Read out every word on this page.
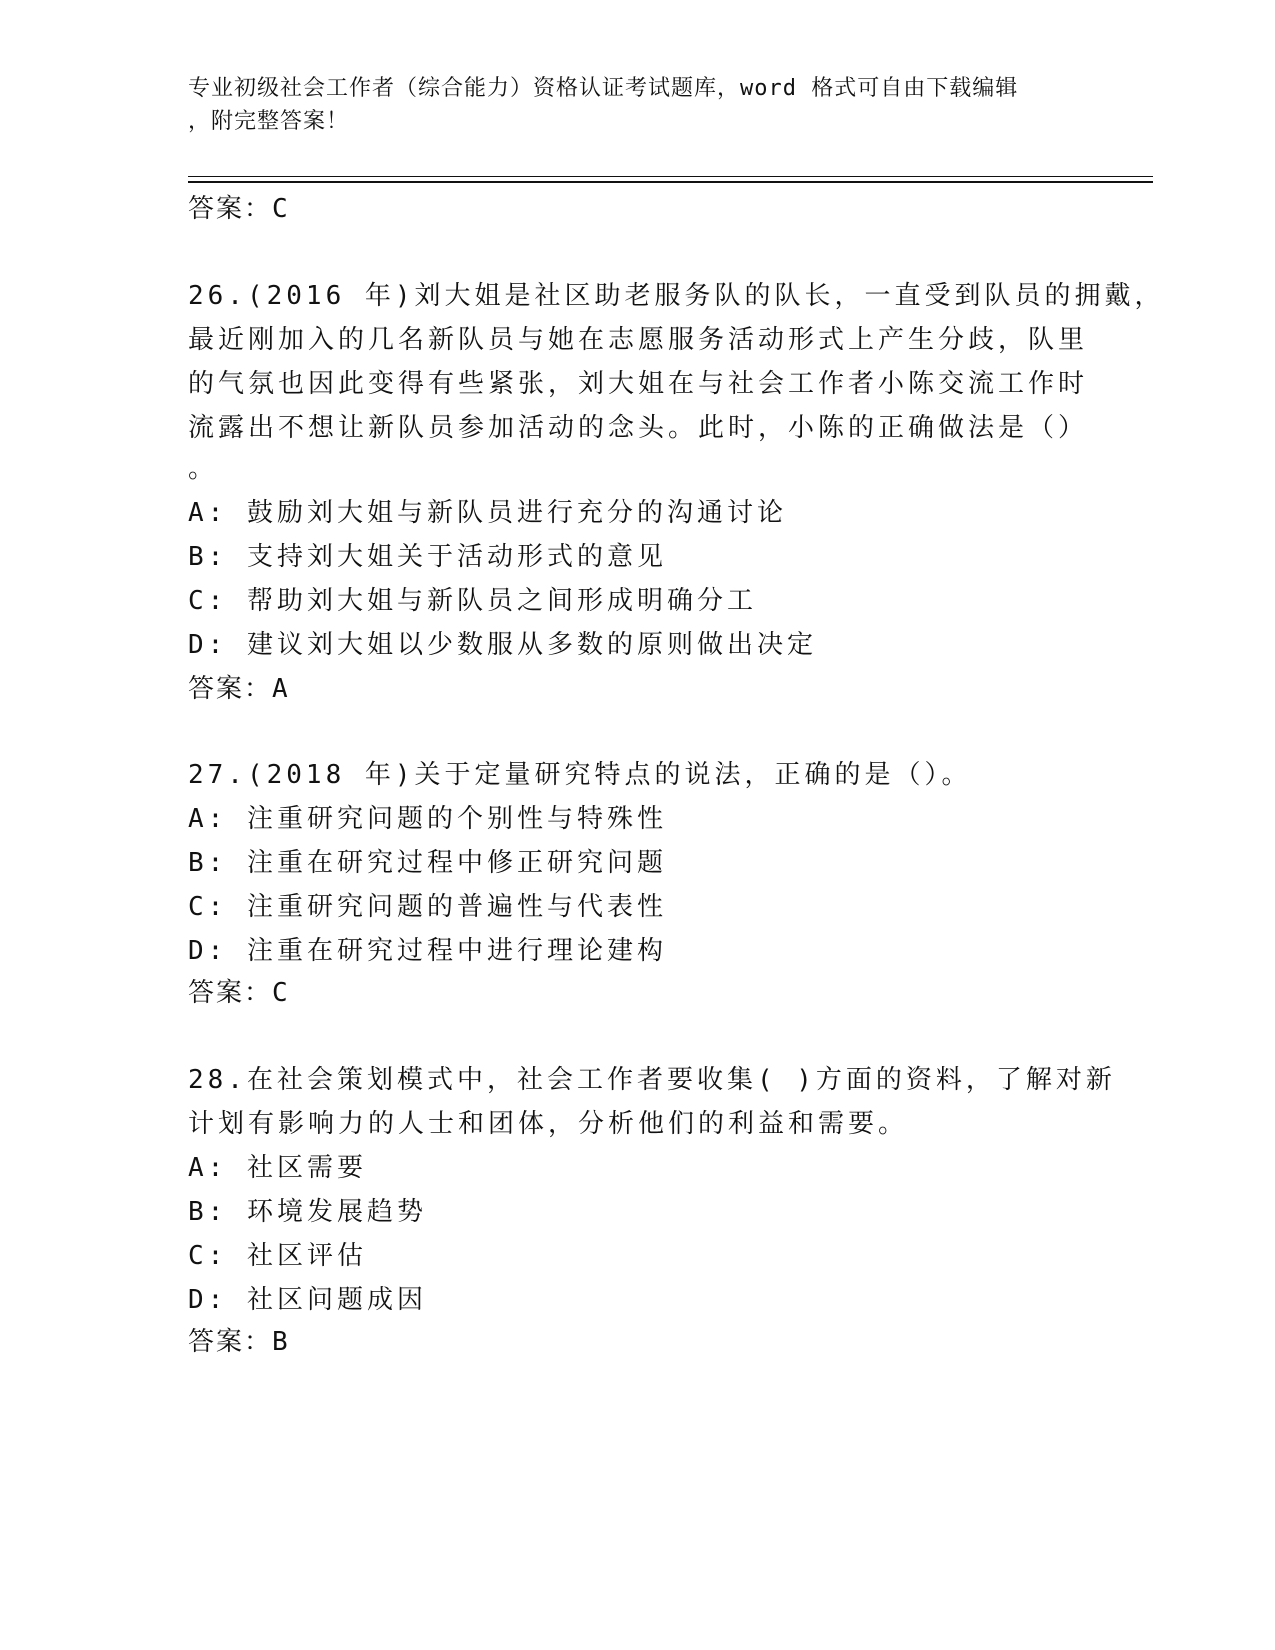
专业初级社会工作者（综合能力）资格认证考试题库，word 格式可自由下载编辑
，附完整答案！
答案：C
26.(2016 年)刘大姐是社区助老服务队的队长，一直受到队员的拥戴，
最近刚加入的几名新队员与她在志愿服务活动形式上产生分歧，队里
的气氛也因此变得有些紧张，刘大姐在与社会工作者小陈交流工作时
流露出不想让新队员参加活动的念头。此时，小陈的正确做法是（）
。
A: 鼓励刘大姐与新队员进行充分的沟通讨论
B: 支持刘大姐关于活动形式的意见
C: 帮助刘大姐与新队员之间形成明确分工
D: 建议刘大姐以少数服从多数的原则做出决定
答案：A
27.(2018 年)关于定量研究特点的说法，正确的是（）。
A: 注重研究问题的个别性与特殊性
B: 注重在研究过程中修正研究问题
C: 注重研究问题的普遍性与代表性
D: 注重在研究过程中进行理论建构
答案：C
28.在社会策划模式中，社会工作者要收集( )方面的资料，了解对新
计划有影响力的人士和团体，分析他们的利益和需要。
A: 社区需要
B: 环境发展趋势
C: 社区评估
D: 社区问题成因
答案：B
